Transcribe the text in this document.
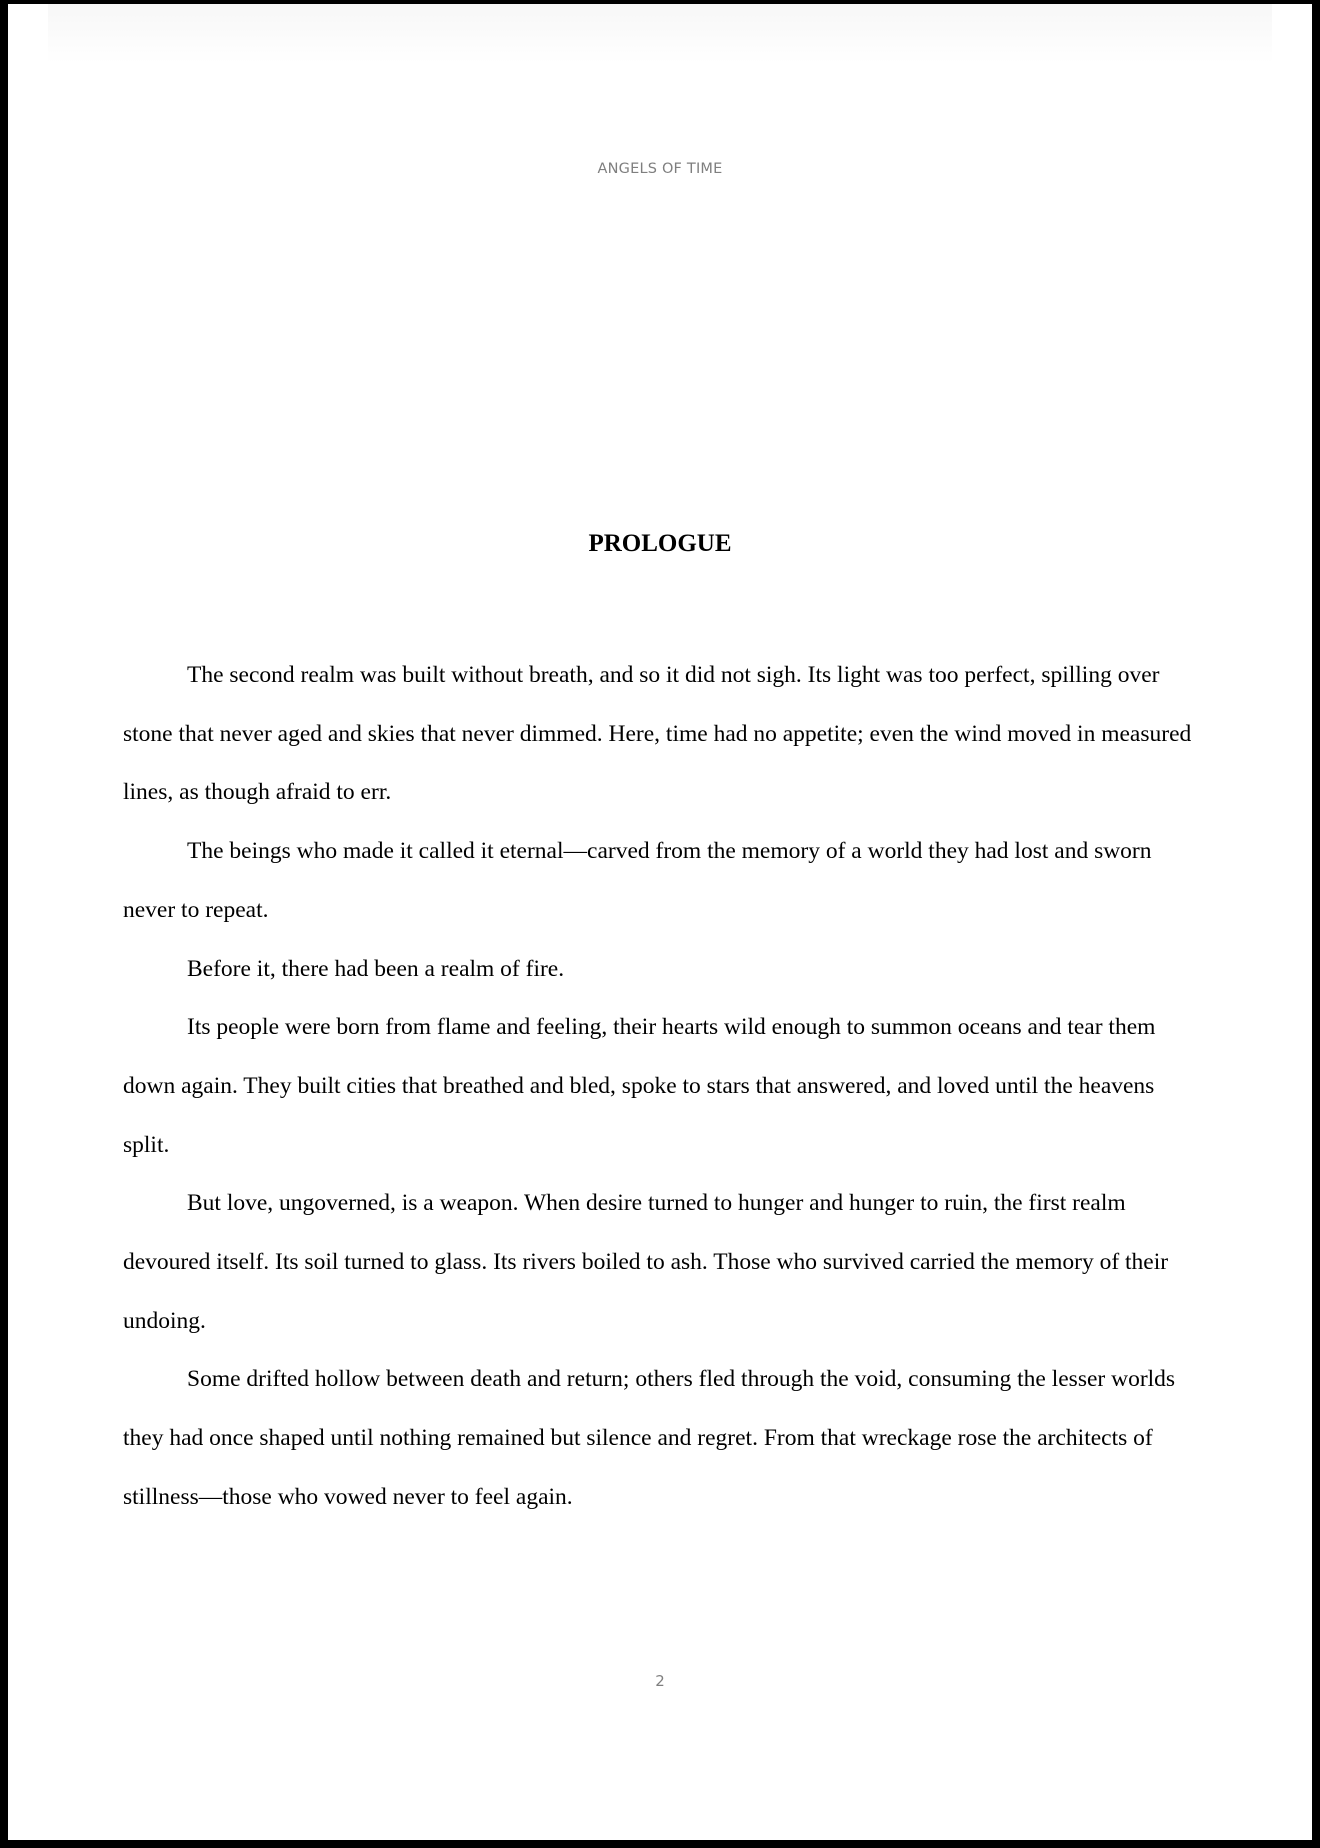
ANGELS OF TIME
PROLOGUE

The second realm was built without breath, and so it did not sigh. Its light was too perfect, spilling over stone that never aged and skies that never dimmed. Here, time had no appetite; even the wind moved in measured lines, as though afraid to err.

The beings who made it called it eternal—carved from the memory of a world they had lost and sworn never to repeat.

Before it, there had been a realm of fire.

Its people were born from flame and feeling, their hearts wild enough to summon oceans and tear them down again. They built cities that breathed and bled, spoke to stars that answered, and loved until the heavens split.

But love, ungoverned, is a weapon. When desire turned to hunger and hunger to ruin, the first realm devoured itself. Its soil turned to glass. Its rivers boiled to ash. Those who survived carried the memory of their undoing.

Some drifted hollow between death and return; others fled through the void, consuming the lesser worlds they had once shaped until nothing remained but silence and regret. From that wreckage rose the architects of stillness—those who vowed never to feel again.

2
